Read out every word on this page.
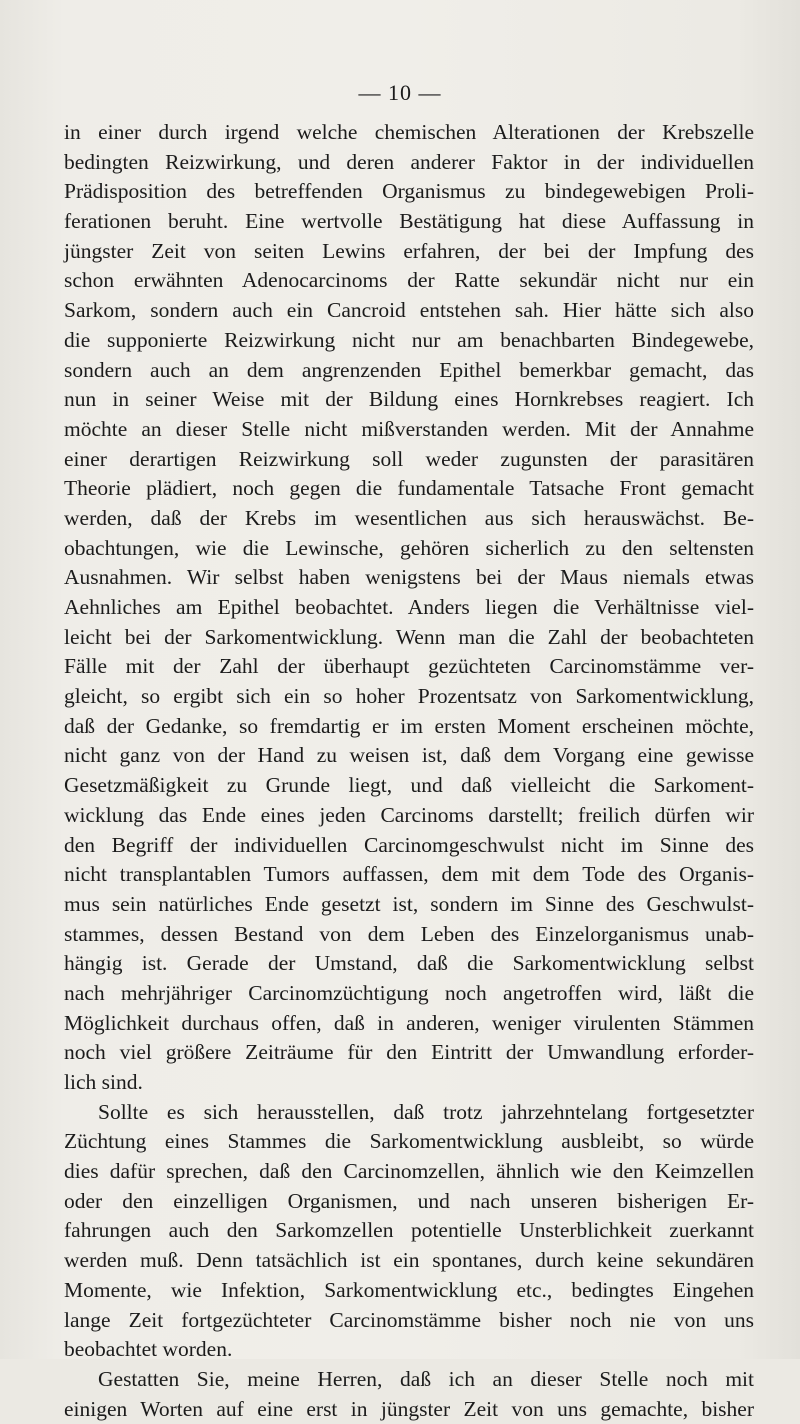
— 10 —
in einer durch irgend welche chemischen Alterationen der Krebszelle
bedingten Reizwirkung, und deren anderer Faktor in der individuellen
Prädisposition des betreffenden Organismus zu bindegewebigen Proli-
ferationen beruht. Eine wertvolle Bestätigung hat diese Auffassung in
jüngster Zeit von seiten Lewins erfahren, der bei der Impfung des
schon erwähnten Adenocarcinoms der Ratte sekundär nicht nur ein
Sarkom, sondern auch ein Cancroid entstehen sah. Hier hätte sich also
die supponierte Reizwirkung nicht nur am benachbarten Bindegewebe,
sondern auch an dem angrenzenden Epithel bemerkbar gemacht, das
nun in seiner Weise mit der Bildung eines Hornkrebses reagiert. Ich
möchte an dieser Stelle nicht mißverstanden werden. Mit der Annahme
einer derartigen Reizwirkung soll weder zugunsten der parasitären
Theorie plädiert, noch gegen die fundamentale Tatsache Front gemacht
werden, daß der Krebs im wesentlichen aus sich herauswächst. Be-
obachtungen, wie die Lewinsche, gehören sicherlich zu den seltensten
Ausnahmen. Wir selbst haben wenigstens bei der Maus niemals etwas
Aehnliches am Epithel beobachtet. Anders liegen die Verhältnisse viel-
leicht bei der Sarkomentwicklung. Wenn man die Zahl der beobachteten
Fälle mit der Zahl der überhaupt gezüchteten Carcinomstämme ver-
gleicht, so ergibt sich ein so hoher Prozentsatz von Sarkomentwicklung,
daß der Gedanke, so fremdartig er im ersten Moment erscheinen möchte,
nicht ganz von der Hand zu weisen ist, daß dem Vorgang eine gewisse
Gesetzmäßigkeit zu Grunde liegt, und daß vielleicht die Sarkoment-
wicklung das Ende eines jeden Carcinoms darstellt; freilich dürfen wir
den Begriff der individuellen Carcinomgeschwulst nicht im Sinne des
nicht transplantablen Tumors auffassen, dem mit dem Tode des Organis-
mus sein natürliches Ende gesetzt ist, sondern im Sinne des Geschwulst-
stammes, dessen Bestand von dem Leben des Einzelorganismus unab-
hängig ist. Gerade der Umstand, daß die Sarkomentwicklung selbst
nach mehrjähriger Carcinomzüchtigung noch angetroffen wird, läßt die
Möglichkeit durchaus offen, daß in anderen, weniger virulenten Stämmen
noch viel größere Zeiträume für den Eintritt der Umwandlung erforder-
lich sind.
Sollte es sich herausstellen, daß trotz jahrzehntelang fortgesetzter
Züchtung eines Stammes die Sarkomentwicklung ausbleibt, so würde
dies dafür sprechen, daß den Carcinomzellen, ähnlich wie den Keimzellen
oder den einzelligen Organismen, und nach unseren bisherigen Er-
fahrungen auch den Sarkomzellen potentielle Unsterblichkeit zuerkannt
werden muß. Denn tatsächlich ist ein spontanes, durch keine sekundären
Momente, wie Infektion, Sarkomentwicklung etc., bedingtes Eingehen
lange Zeit fortgezüchteter Carcinomstämme bisher noch nie von uns
beobachtet worden.
Gestatten Sie, meine Herren, daß ich an dieser Stelle noch mit
einigen Worten auf eine erst in jüngster Zeit von uns gemachte, bisher
